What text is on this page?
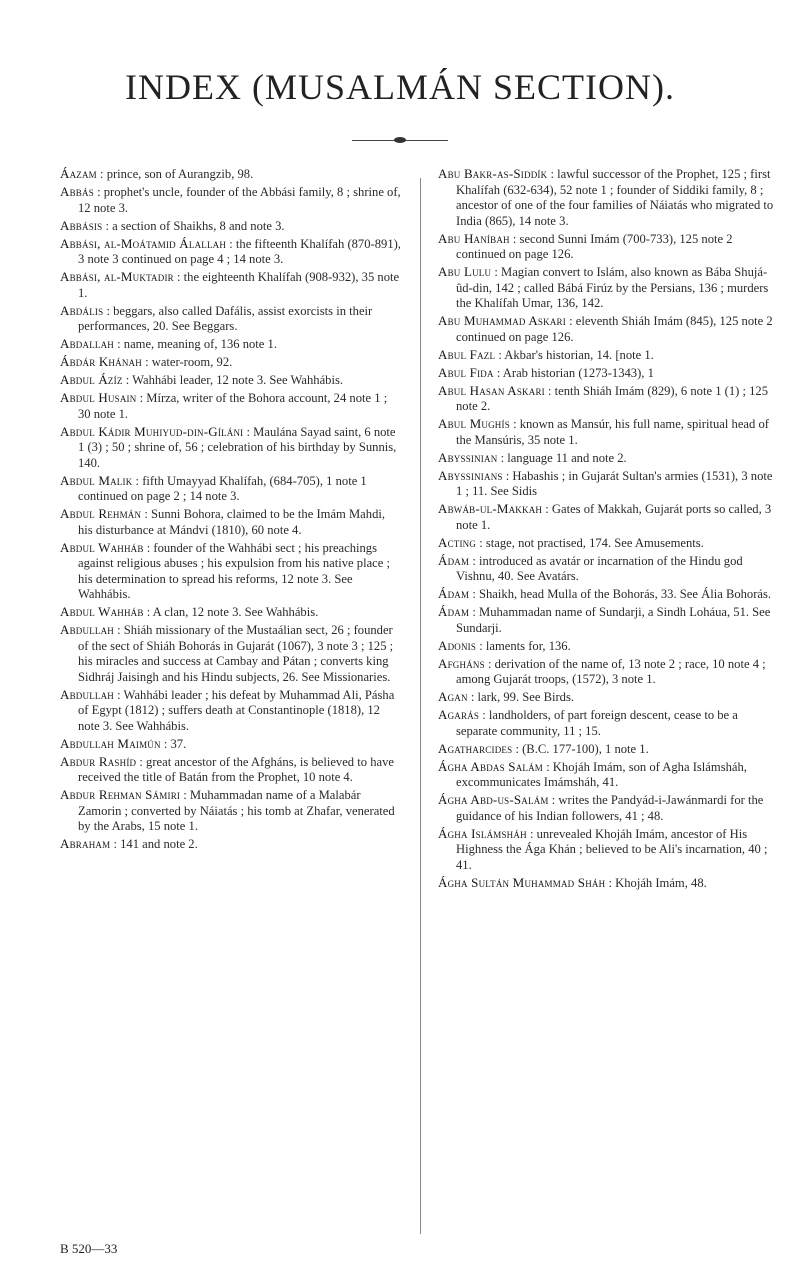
INDEX (MUSALMÁN SECTION).
Áazam : prince, son of Aurangzib, 98.
Abbás : prophet's uncle, founder of the Abbási family, 8 ; shrine of, 12 note 3.
Abbásis : a section of Shaikhs, 8 and note 3.
Abbási, al-Moátamid Álallah : the fifteenth Khalífah (870-891), 3 note 3 continued on page 4 ; 14 note 3.
Abbási, al-Muktadir : the eighteenth Khalífah (908-932), 35 note 1.
Abdális : beggars, also called Dafális, assist exorcists in their performances, 20. See Beggars.
Abdallah : name, meaning of, 136 note 1.
Ábdár Khánah : water-room, 92.
Abdul Ázíz : Wahhábi leader, 12 note 3. See Wahhábis.
Abdul Husain : Mírza, writer of the Bohora account, 24 note 1 ; 30 note 1.
Abdul Kádir Muhiyud-din-Gíláni : Maulána Sayad saint, 6 note 1 (3) ; 50 ; shrine of, 56 ; celebration of his birthday by Sunnis, 140.
Abdul Malik : fifth Umayyad Khalífah, (684-705), 1 note 1 continued on page 2 ; 14 note 3.
Abdul Rehmán : Sunni Bohora, claimed to be the Imám Mahdi, his disturbance at Mándvi (1810), 60 note 4.
Abdul Wahháb : founder of the Wahhábi sect ; his preachings against religious abuses ; his expulsion from his native place ; his determination to spread his reforms, 12 note 3. See Wahhábis.
Abdul Wahháb : A clan, 12 note 3. See Wahhábis.
Abdullah : Shiáh missionary of the Mustaálian sect, 26 ; founder of the sect of Shiáh Bohorás in Gujarát (1067), 3 note 3 ; 125 ; his miracles and success at Cambay and Pátan ; converts king Sidhráj Jaisingh and his Hindu subjects, 26. See Missionaries.
Abdullah : Wahhábi leader ; his defeat by Muhammad Ali, Pásha of Egypt (1812) ; suffers death at Constantinople (1818), 12 note 3. See Wahhábis.
Abdullah Maimún : 37.
Abdur Rashíd : great ancestor of the Afgháns, is believed to have received the title of Batán from the Prophet, 10 note 4.
Abdur Rehman Sámiri : Muhammadan name of a Malabár Zamorin ; converted by Náiatás ; his tomb at Zhafar, venerated by the Arabs, 15 note 1.
Abraham : 141 and note 2.
Abu Bakr-as-Siddík : lawful successor of the Prophet, 125 ; first Khalífah (632-634), 52 note 1 ; founder of Siddiki family, 8 ; ancestor of one of the four families of Náiatás who migrated to India (865), 14 note 3.
Abu Haníbah : second Sunni Imám (700-733), 125 note 2 continued on page 126.
Abu Lulu : Magian convert to Islám, also known as Bába Shujá-ûd-din, 142 ; called Bábá Firúz by the Persians, 136 ; murders the Khalífah Umar, 136, 142.
Abu Muhammad Askari : eleventh Shiáh Imám (845), 125 note 2 continued on page 126.
Abul Fazl : Akbar's historian, 14. [note 1.
Abul Fida : Arab historian (1273-1343), 1
Abul Hasan Askari : tenth Shiáh Imám (829), 6 note 1 (1) ; 125 note 2.
Abul Mughís : known as Mansúr, his full name, spiritual head of the Mansúris, 35 note 1.
Abyssinian : language 11 and note 2.
Abyssinians : Habashis ; in Gujarát Sultan's armies (1531), 3 note 1 ; 11. See Sidis
Abwáb-ul-Makkah : Gates of Makkah, Gujarát ports so called, 3 note 1.
Acting : stage, not practised, 174. See Amusements.
Ádam : introduced as avatár or incarnation of the Hindu god Vishnu, 40. See Avatárs.
Ádam : Shaikh, head Mulla of the Bohorás, 33. See Ália Bohorás.
Ádam : Muhammadan name of Sundarji, a Sindh Loháua, 51. See Sundarji.
Adonis : laments for, 136.
Afgháns : derivation of the name of, 13 note 2 ; race, 10 note 4 ; among Gujarát troops, (1572), 3 note 1.
Agan : lark, 99. See Birds.
Agarás : landholders, of part foreign descent, cease to be a separate community, 11 ; 15.
Agatharcides : (B.C. 177-100), 1 note 1.
Ágha Abdas Salám : Khojáh Imám, son of Agha Islámsháh, excommunicates Imámsháh, 41.
Ágha Abd-us-Salám : writes the Pandyád-i-Jawánmardi for the guidance of his Indian followers, 41 ; 48.
Ágha Islámsháh : unrevealed Khojáh Imám, ancestor of His Highness the Ága Khán ; believed to be Ali's incarnation, 40 ; 41.
Ágha Sultán Muhammad Sháh : Khojáh Imám, 48.
B 520—33
